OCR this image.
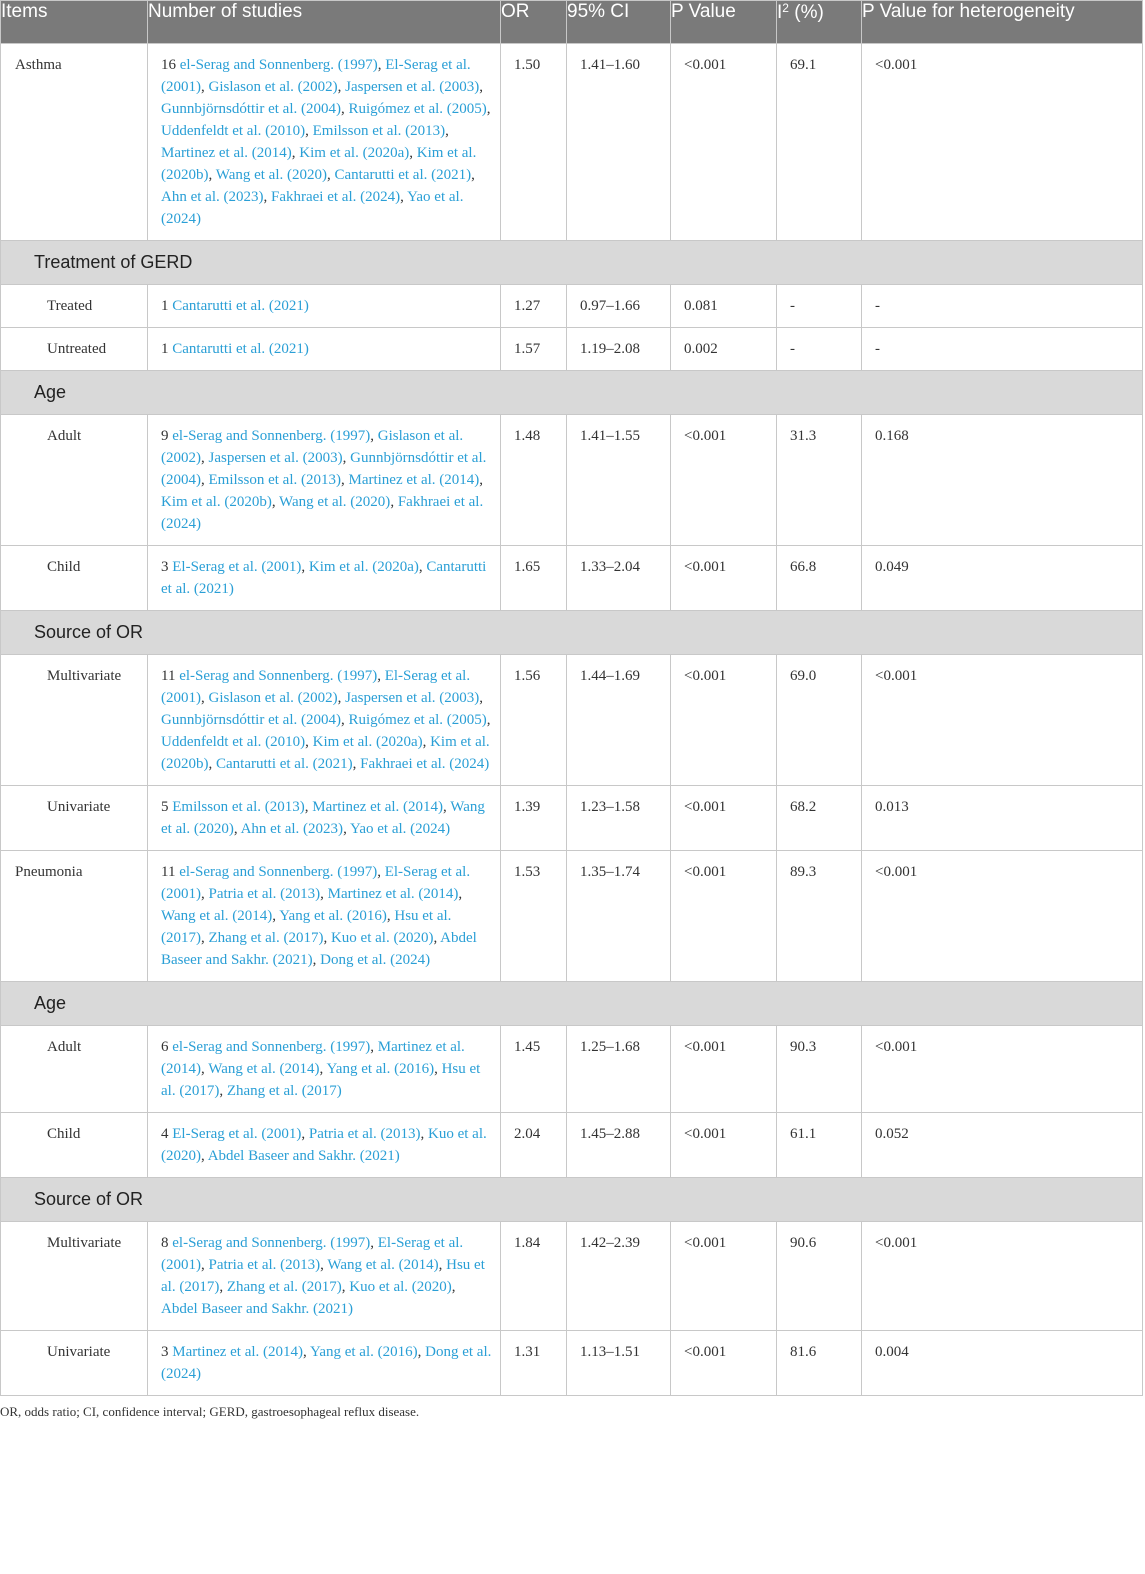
Items	Number of studies	OR	95% CI	P Value	$I^2$ (%)	P Value for heterogeneity
Asthma	16 el-Serag and Sonnenberg. (1997), El-Serag et al. (2001), Gislason et al. (2002), Jaspersen et al. (2003), Gunnbjörnsdóttir et al. (2004), Ruigómez et al. (2005), Uddenfeldt et al. (2010), Emilsson et al. (2013), Martinez et al. (2014), Kim et al. (2020a), Kim et al. (2020b), Wang et al. (2020), Cantarutti et al. (2021), Ahn et al. (2023), Fakhraei et al. (2024), Yao et al. (2024)	1.50	1.41–1.60	<0.001	69.1	<0.001
Treatment of GERD						
Treated	1 Cantarutti et al. (2021)	1.27	0.97–1.66	0.081	-	-
Untreated	1 Cantarutti et al. (2021)	1.57	1.19–2.08	0.002	-	-
Age						
Adult	9 el-Serag and Sonnenberg. (1997), Gislason et al. (2002), Jaspersen et al. (2003), Gunnbjörnsdóttir et al. (2004), Emilsson et al. (2013), Martinez et al. (2014), Kim et al. (2020b), Wang et al. (2020), Fakhraei et al. (2024)	1.48	1.41–1.55	<0.001	31.3	0.168
Child	3 El-Serag et al. (2001), Kim et al. (2020a), Cantarutti et al. (2021)	1.65	1.33–2.04	<0.001	66.8	0.049
Source of OR						
Multivariate	11 el-Serag and Sonnenberg. (1997), El-Serag et al. (2001), Gislason et al. (2002), Jaspersen et al. (2003), Gunnbjörnsdóttir et al. (2004), Ruigómez et al. (2005), Uddenfeldt et al. (2010), Kim et al. (2020a), Kim et al. (2020b), Cantarutti et al. (2021), Fakhraei et al. (2024)	1.56	1.44–1.69	<0.001	69.0	<0.001
Univariate	5 Emilsson et al. (2013), Martinez et al. (2014), Wang et al. (2020), Ahn et al. (2023), Yao et al. (2024)	1.39	1.23–1.58	<0.001	68.2	0.013
Pneumonia	11 el-Serag and Sonnenberg. (1997), El-Serag et al. (2001), Patria et al. (2013), Martinez et al. (2014), Wang et al. (2014), Yang et al. (2016), Hsu et al. (2017), Zhang et al. (2017), Kuo et al. (2020), Abdel Baseer and Sakhr. (2021), Dong et al. (2024)	1.53	1.35–1.74	<0.001	89.3	<0.001
Age						
Adult	6 el-Serag and Sonnenberg. (1997), Martinez et al. (2014), Wang et al. (2014), Yang et al. (2016), Hsu et al. (2017), Zhang et al. (2017)	1.45	1.25–1.68	<0.001	90.3	<0.001
Child	4 El-Serag et al. (2001), Patria et al. (2013), Kuo et al. (2020), Abdel Baseer and Sakhr. (2021)	2.04	1.45–2.88	<0.001	61.1	0.052
Source of OR						
Multivariate	8 el-Serag and Sonnenberg. (1997), El-Serag et al. (2001), Patria et al. (2013), Wang et al. (2014), Hsu et al. (2017), Zhang et al. (2017), Kuo et al. (2020), Abdel Baseer and Sakhr. (2021)	1.84	1.42–2.39	<0.001	90.6	<0.001
Univariate	3 Martinez et al. (2014), Yang et al. (2016), Dong et al. (2024)	1.31	1.13–1.51	<0.001	81.6	0.004
OR, odds ratio; CI, confidence interval; GERD, gastroesophageal reflux disease.
